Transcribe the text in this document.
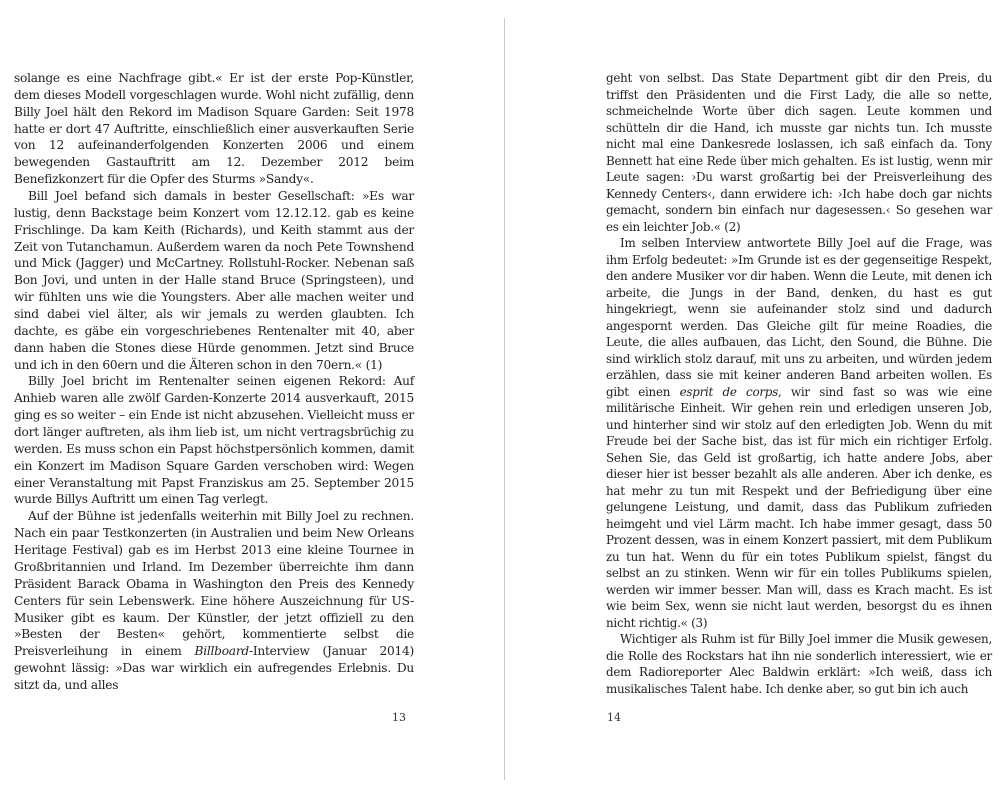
solange es eine Nachfrage gibt.« Er ist der erste Pop-Künstler, dem dieses Modell vorgeschlagen wurde. Wohl nicht zufällig, denn Billy Joel hält den Rekord im Madison Square Garden: Seit 1978 hatte er dort 47 Auftritte, einschließlich einer ausverkauften Serie von 12 aufeinanderfolgenden Konzerten 2006 und einem bewegenden Gastauftritt am 12. Dezember 2012 beim Benefizkonzert für die Opfer des Sturms »Sandy«.

Bill Joel befand sich damals in bester Gesellschaft: »Es war lustig, denn Backstage beim Konzert vom 12.12.12. gab es keine Frischlinge. Da kam Keith (Richards), und Keith stammt aus der Zeit von Tutanchamun. Außerdem waren da noch Pete Townshend und Mick (Jagger) und McCartney. Rollstuhl-Rocker. Nebenan saß Bon Jovi, und unten in der Halle stand Bruce (Springsteen), und wir fühlten uns wie die Youngsters. Aber alle machen weiter und sind dabei viel älter, als wir jemals zu werden glaubten. Ich dachte, es gäbe ein vorgeschriebenes Rentenalter mit 40, aber dann haben die Stones diese Hürde genommen. Jetzt sind Bruce und ich in den 60ern und die Älteren schon in den 70ern.« (1)

Billy Joel bricht im Rentenalter seinen eigenen Rekord: Auf Anhieb waren alle zwölf Garden-Konzerte 2014 ausverkauft, 2015 ging es so weiter – ein Ende ist nicht abzusehen. Vielleicht muss er dort länger auftreten, als ihm lieb ist, um nicht vertragsbrüchig zu werden. Es muss schon ein Papst höchstpersönlich kommen, damit ein Konzert im Madison Square Garden verschoben wird: Wegen einer Veranstaltung mit Papst Franziskus am 25. September 2015 wurde Billys Auftritt um einen Tag verlegt.

Auf der Bühne ist jedenfalls weiterhin mit Billy Joel zu rechnen. Nach ein paar Testkonzerten (in Australien und beim New Orleans Heritage Festival) gab es im Herbst 2013 eine kleine Tournee in Großbritannien und Irland. Im Dezember überreichte ihm dann Präsident Barack Obama in Washington den Preis des Kennedy Centers für sein Lebenswerk. Eine höhere Auszeichnung für US-Musiker gibt es kaum. Der Künstler, der jetzt offiziell zu den »Besten der Besten« gehört, kommentierte selbst die Preisverleihung in einem Billboard-Interview (Januar 2014) gewohnt lässig: »Das war wirklich ein aufregendes Erlebnis. Du sitzt da, und alles

13

geht von selbst. Das State Department gibt dir den Preis, du triffst den Präsidenten und die First Lady, die alle so nette, schmeichelnde Worte über dich sagen. Leute kommen und schütteln dir die Hand, ich musste gar nichts tun. Ich musste nicht mal eine Dankesrede loslassen, ich saß einfach da. Tony Bennett hat eine Rede über mich gehalten. Es ist lustig, wenn mir Leute sagen: ›Du warst großartig bei der Preisverleihung des Kennedy Centers‹, dann erwidere ich: ›Ich habe doch gar nichts gemacht, sondern bin einfach nur dagesessen.‹ So gesehen war es ein leichter Job.« (2)

Im selben Interview antwortete Billy Joel auf die Frage, was ihm Erfolg bedeutet: »Im Grunde ist es der gegenseitige Respekt, den andere Musiker vor dir haben. Wenn die Leute, mit denen ich arbeite, die Jungs in der Band, denken, du hast es gut hingekriegt, wenn sie aufeinander stolz sind und dadurch angespornt werden. Das Gleiche gilt für meine Roadies, die Leute, die alles aufbauen, das Licht, den Sound, die Bühne. Die sind wirklich stolz darauf, mit uns zu arbeiten, und würden jedem erzählen, dass sie mit keiner anderen Band arbeiten wollen. Es gibt einen esprit de corps, wir sind fast so was wie eine militärische Einheit. Wir gehen rein und erledigen unseren Job, und hinterher sind wir stolz auf den erledigten Job. Wenn du mit Freude bei der Sache bist, das ist für mich ein richtiger Erfolg. Sehen Sie, das Geld ist großartig, ich hatte andere Jobs, aber dieser hier ist besser bezahlt als alle anderen. Aber ich denke, es hat mehr zu tun mit Respekt und der Befriedigung über eine gelungene Leistung, und damit, dass das Publikum zufrieden heimgeht und viel Lärm macht. Ich habe immer gesagt, dass 50 Prozent dessen, was in einem Konzert passiert, mit dem Publikum zu tun hat. Wenn du für ein totes Publikum spielst, fängst du selbst an zu stinken. Wenn wir für ein tolles Publikums spielen, werden wir immer besser. Man will, dass es Krach macht. Es ist wie beim Sex, wenn sie nicht laut werden, besorgst du es ihnen nicht richtig.« (3)

Wichtiger als Ruhm ist für Billy Joel immer die Musik gewesen, die Rolle des Rockstars hat ihn nie sonderlich interessiert, wie er dem Radioreporter Alec Baldwin erklärt: »Ich weiß, dass ich musikalisches Talent habe. Ich denke aber, so gut bin ich auch

14
